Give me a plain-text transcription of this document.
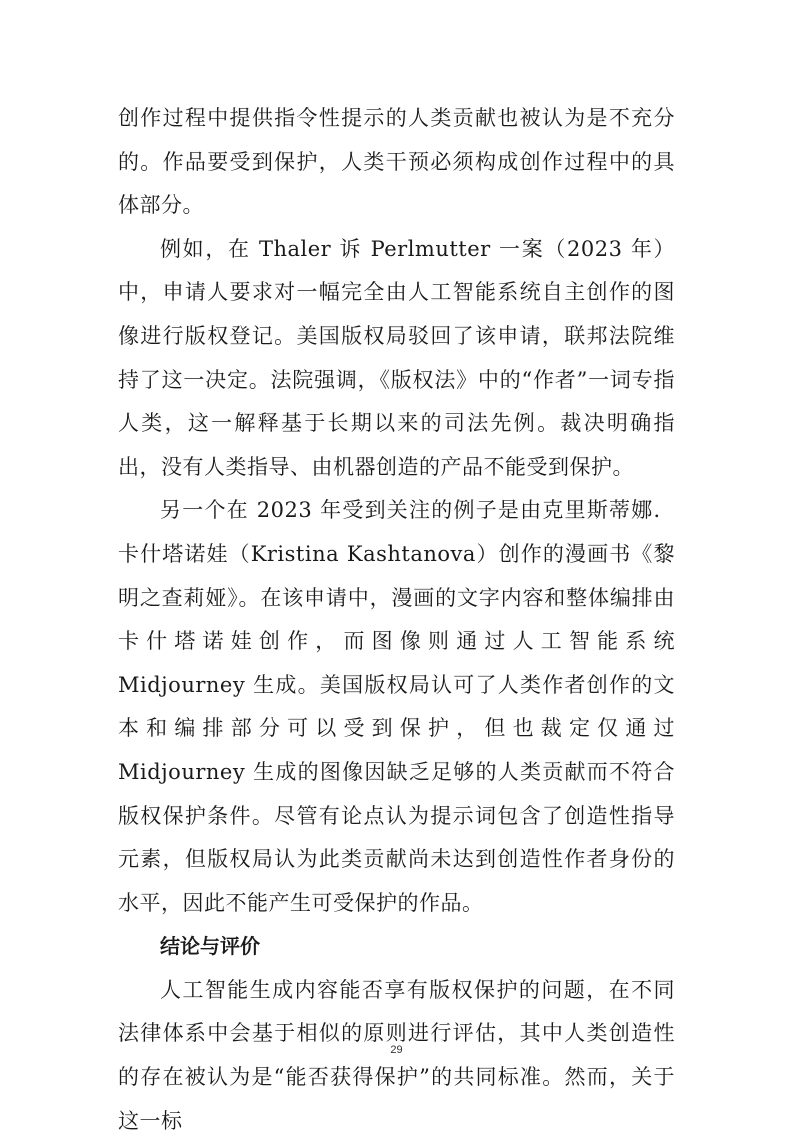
创作过程中提供指令性提示的人类贡献也被认为是不充分的。作品要受到保护，人类干预必须构成创作过程中的具体部分。

例如，在 Thaler 诉 Perlmutter 一案（2023 年）中，申请人要求对一幅完全由人工智能系统自主创作的图像进行版权登记。美国版权局驳回了该申请，联邦法院维持了这一决定。法院强调，《版权法》中的“作者”一词专指人类，这一解释基于长期以来的司法先例。裁决明确指出，没有人类指导、由机器创造的产品不能受到保护。

另一个在 2023 年受到关注的例子是由克里斯蒂娜．卡什塔诺娃（Kristina Kashtanova）创作的漫画书《黎明之查莉娅》。在该申请中，漫画的文字内容和整体编排由卡什塔诺娃创作，而图像则通过人工智能系统 Midjourney 生成。美国版权局认可了人类作者创作的文本和编排部分可以受到保护，但也裁定仅通过 Midjourney 生成的图像因缺乏足够的人类贡献而不符合版权保护条件。尽管有论点认为提示词包含了创造性指导元素，但版权局认为此类贡献尚未达到创造性作者身份的水平，因此不能产生可受保护的作品。

结论与评价

人工智能生成内容能否享有版权保护的问题，在不同法律体系中会基于相似的原则进行评估，其中人类创造性的存在被认为是“能否获得保护”的共同标准。然而，关于这一标

29
